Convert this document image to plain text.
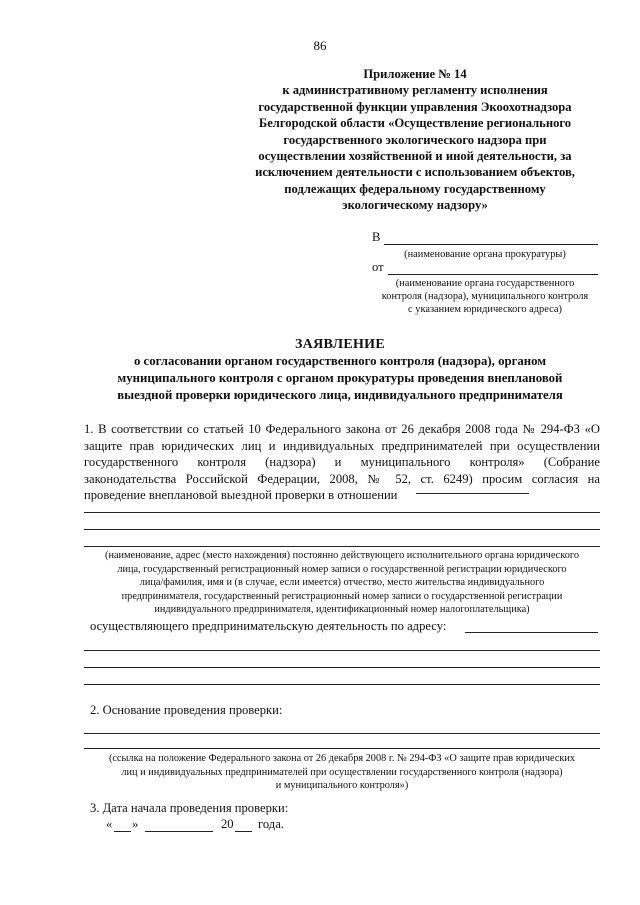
86
Приложение № 14
к административному регламенту исполнения
государственной функции управления Экоохотнадзора
Белгородской области «Осуществление регионального
государственного экологического надзора при
осуществлении хозяйственной и иной деятельности, за
исключением деятельности с использованием объектов,
подлежащих федеральному государственному
экологическому надзору»
В
(наименование органа прокуратуры)
от
(наименование органа государственного
контроля (надзора), муниципального контроля
с указанием юридического адреса)
ЗАЯВЛЕНИЕ
о согласовании органом государственного контроля (надзора), органом
муниципального контроля с органом прокуратуры проведения внеплановой
выездной проверки юридического лица, индивидуального предпринимателя
1. В соответствии со статьей 10 Федерального закона от 26 декабря 2008 года № 294-ФЗ «О
защите прав юридических лиц и индивидуальных предпринимателей при осуществлении
государственного контроля (надзора) и муниципального контроля» (Собрание
законодательства Российской Федерации, 2008, № 52, ст. 6249) просим согласия на
проведение внеплановой выездной проверки в отношении
(наименование, адрес (место нахождения) постоянно действующего исполнительного органа юридического
лица, государственный регистрационный номер записи о государственной регистрации юридического
лица/фамилия, имя и (в случае, если имеется) отчество, место жительства индивидуального
предпринимателя, государственный регистрационный номер записи о государственной регистрации
индивидуального предпринимателя, идентификационный номер налогоплательщика)
осуществляющего предпринимательскую деятельность по адресу:
2. Основание проведения проверки:
(ссылка на положение Федерального закона от 26 декабря 2008 г. № 294-ФЗ «О защите прав юридических
лиц и индивидуальных предпринимателей при осуществлении государственного контроля (надзора)
и муниципального контроля»)
3. Дата начала проведения проверки:
« »	20 года.
